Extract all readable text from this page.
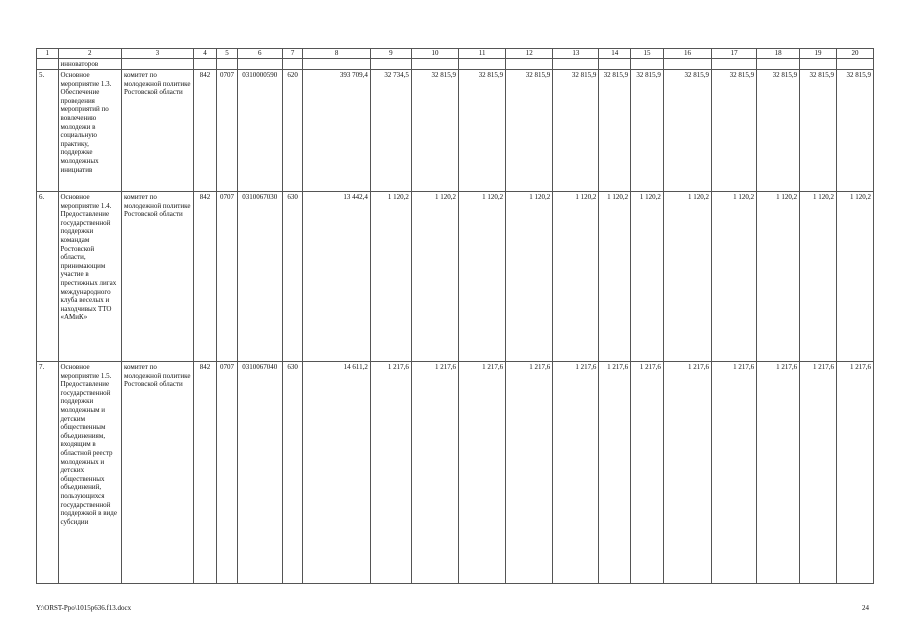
1	2	3	4	5	6	7	8	9	10	11	12	13	14	15	16	17	18	19	20
	инноваторов																		
5.	Основное мероприятие 1.3. Обеспечение проведения мероприятий по вовлечению молодежи в социальную практику, поддержке молодежных инициатив	комитет по молодежной политике Ростовской области	842	0707	0310000590	620	393 709,4	32 734,5	32 815,9	32 815,9	32 815,9	32 815,9	32 815,9	32 815,9	32 815,9	32 815,9	32 815,9	32 815,9	32 815,9
6.	Основное мероприятие 1.4. Предоставление государственной поддержки командам Ростовской области, принимающим участие в престижных лигах международного клуба веселых и находчивых ТТО «АМиК»	комитет по молодежной политике Ростовской области	842	0707	0310067030	630	13 442,4	1 120,2	1 120,2	1 120,2	1 120,2	1 120,2	1 120,2	1 120,2	1 120,2	1 120,2	1 120,2	1 120,2	1 120,2
7.	Основное мероприятие 1.5. Предоставление государственной поддержки молодежным и детским общественным объединениям, входящим в областной реестр молодежных и детских общественных объединений, пользующихся государственной поддержкой в виде субсидии	комитет по молодежной политике Ростовской области	842	0707	0310067040	630	14 611,2	1 217,6	1 217,6	1 217,6	1 217,6	1 217,6	1 217,6	1 217,6	1 217,6	1 217,6	1 217,6	1 217,6	1 217,6
Y:\ORST-Ppo\1015p636.f13.docx	24
